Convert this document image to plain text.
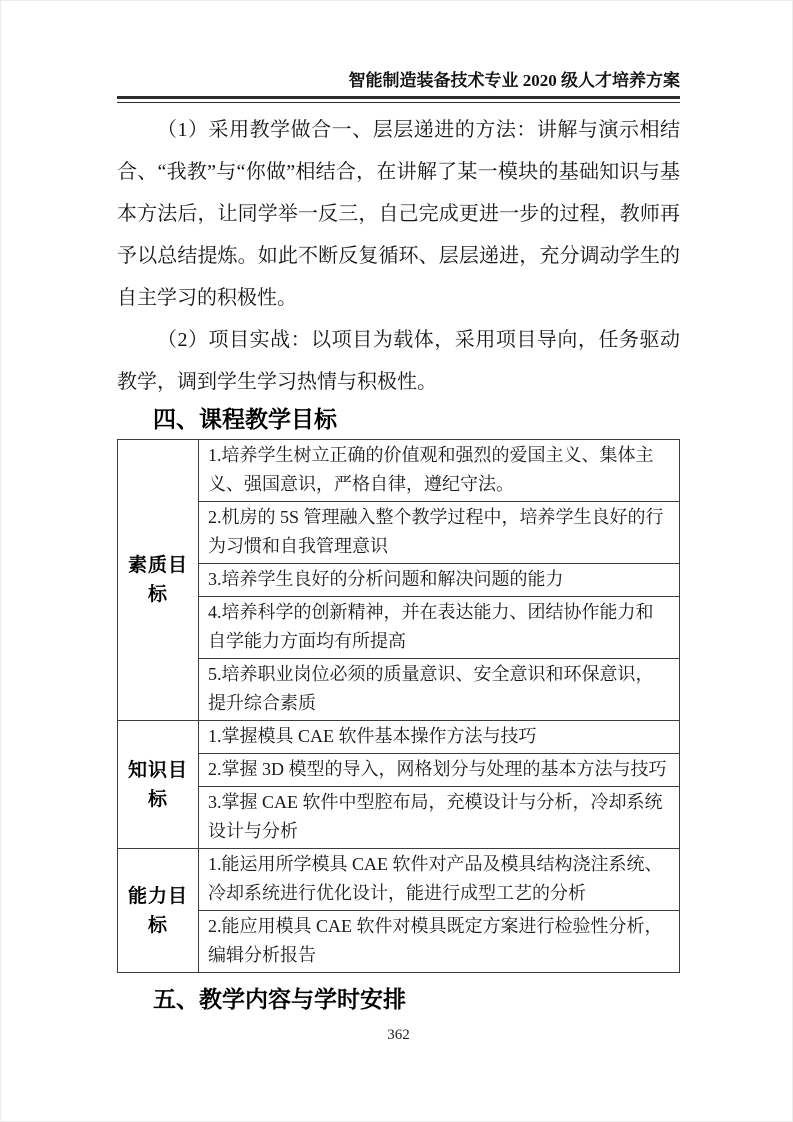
智能制造装备技术专业 2020 级人才培养方案

（1）采用教学做合一、层层递进的方法：讲解与演示相结合、“我教”与“你做”相结合，在讲解了某一模块的基础知识与基本方法后，让同学举一反三，自己完成更进一步的过程，教师再予以总结提炼。如此不断反复循环、层层递进，充分调动学生的自主学习的积极性。

（2）项目实战：以项目为载体，采用项目导向，任务驱动教学，调到学生学习热情与积极性。

四、课程教学目标
素质目标	1.培养学生树立正确的价值观和强烈的爱国主义、集体主义、强国意识，严格自律，遵纪守法。
	2.机房的 5S 管理融入整个教学过程中，培养学生良好的行为习惯和自我管理意识
	3.培养学生良好的分析问题和解决问题的能力
	4.培养科学的创新精神，并在表达能力、团结协作能力和自学能力方面均有所提高
	5.培养职业岗位必须的质量意识、安全意识和环保意识，提升综合素质
知识目标	1.掌握模具 CAE 软件基本操作方法与技巧
	2.掌握 3D 模型的导入，网格划分与处理的基本方法与技巧
	3.掌握 CAE 软件中型腔布局，充模设计与分析，冷却系统设计与分析
能力目标	1.能运用所学模具 CAE 软件对产品及模具结构浇注系统、冷却系统进行优化设计，能进行成型工艺的分析
	2.能应用模具 CAE 软件对模具既定方案进行检验性分析，编辑分析报告
五、教学内容与学时安排
362
